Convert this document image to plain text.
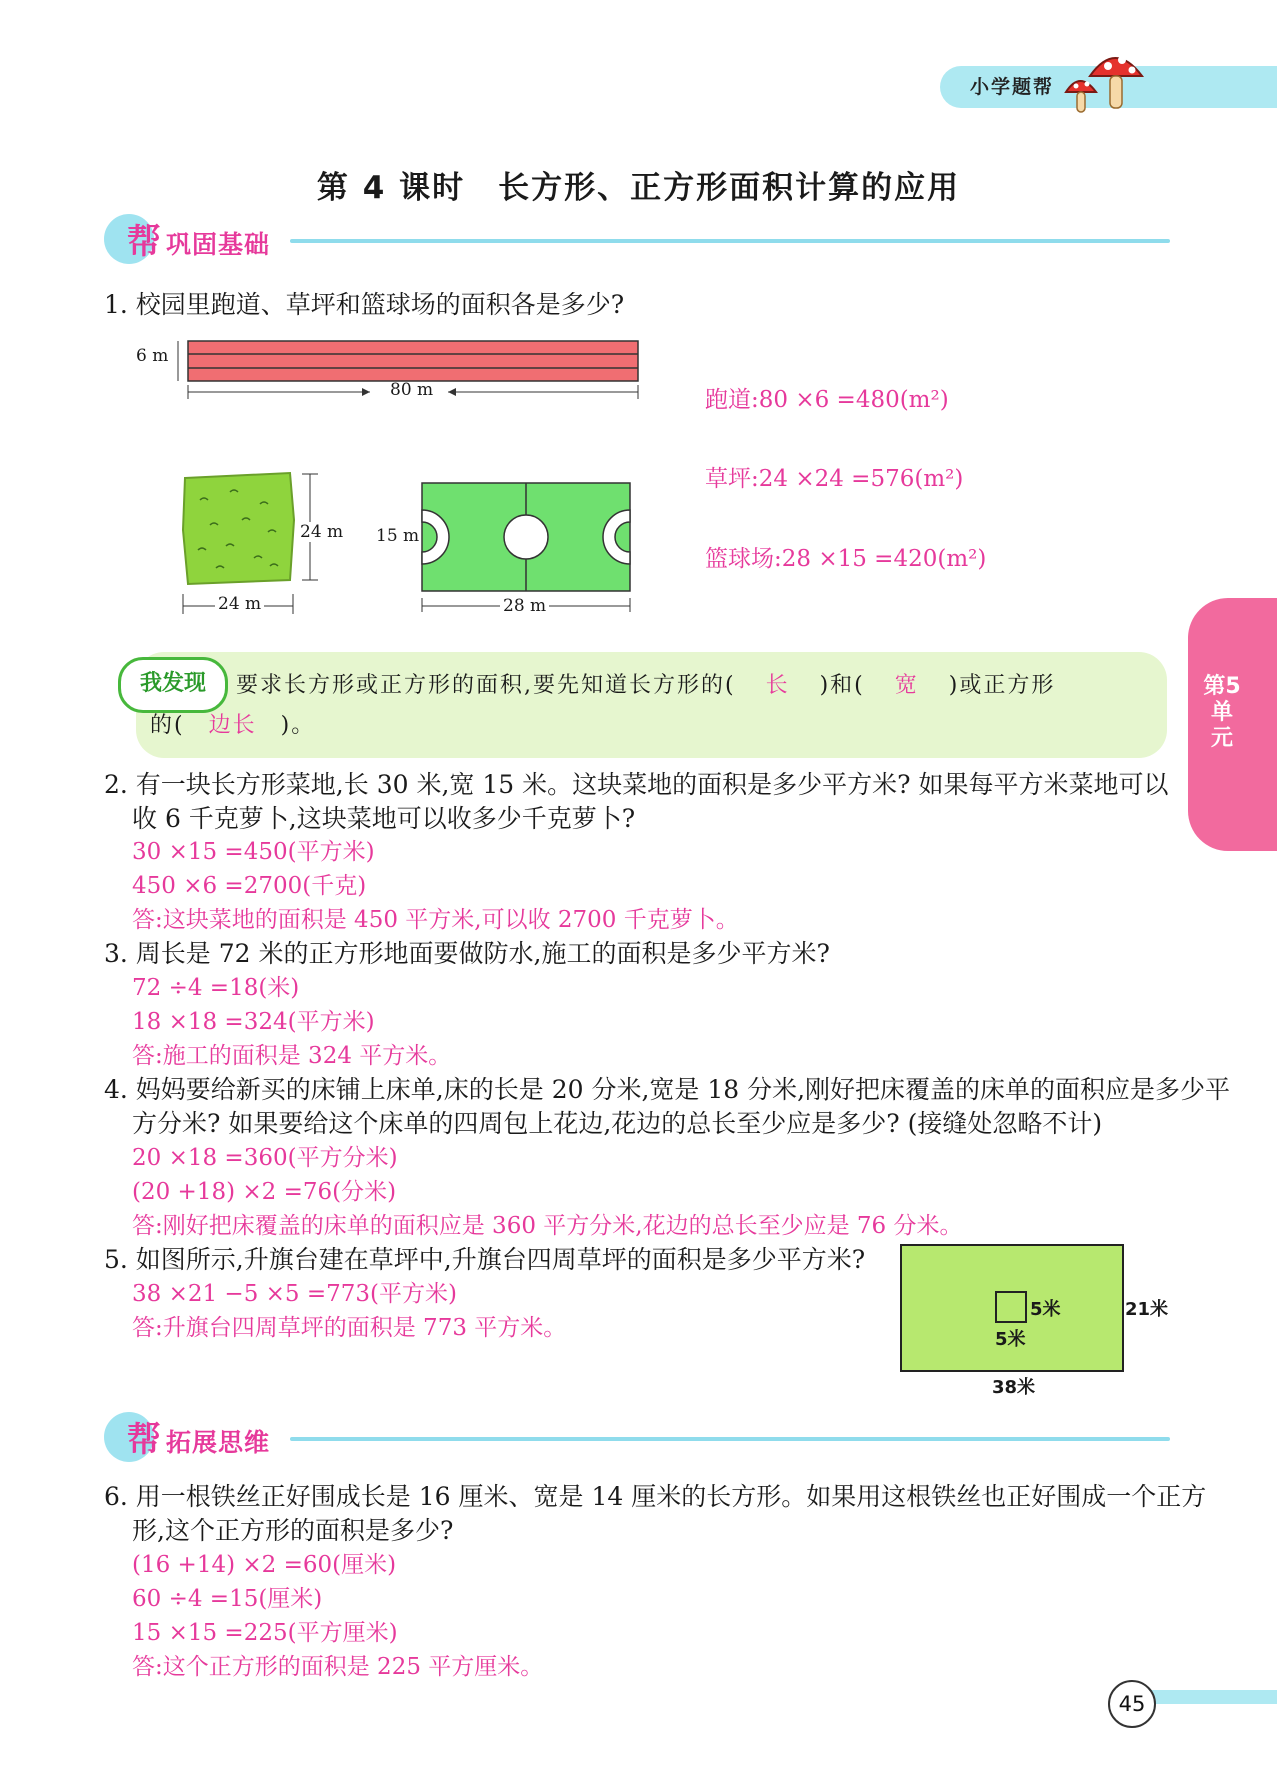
小学题帮
第 4 课时　长方形、正方形面积计算的应用
帮 巩固基础
第5单元
1. 校园里跑道、草坪和篮球场的面积各是多少?
6 m
80 m
24 m
24 m
15 m
28 m
跑道:80 ×6 =480(m²)
草坪:24 ×24 =576(m²)
篮球场:28 ×15 =420(m²)
我发现	要求长方形或正方形的面积,要先知道长方形的( 长 )和( 宽 )或正方形
的( 边长 )。
2. 有一块长方形菜地,长 30 米,宽 15 米。这块菜地的面积是多少平方米? 如果每平方米菜地可以
收 6 千克萝卜,这块菜地可以收多少千克萝卜?
30 ×15 =450(平方米)
450 ×6 =2700(千克)
答:这块菜地的面积是 450 平方米,可以收 2700 千克萝卜。
3. 周长是 72 米的正方形地面要做防水,施工的面积是多少平方米?
72 ÷4 =18(米)
18 ×18 =324(平方米)
答:施工的面积是 324 平方米。
4. 妈妈要给新买的床铺上床单,床的长是 20 分米,宽是 18 分米,刚好把床覆盖的床单的面积应是多少平
方分米? 如果要给这个床单的四周包上花边,花边的总长至少应是多少? (接缝处忽略不计)
20 ×18 =360(平方分米)
(20 +18) ×2 =76(分米)
答:刚好把床覆盖的床单的面积应是 360 平方分米,花边的总长至少应是 76 分米。
5. 如图所示,升旗台建在草坪中,升旗台四周草坪的面积是多少平方米?
38 ×21 −5 ×5 =773(平方米)
答:升旗台四周草坪的面积是 773 平方米。
5米
5米
21米
38米
帮 拓展思维
6. 用一根铁丝正好围成长是 16 厘米、宽是 14 厘米的长方形。如果用这根铁丝也正好围成一个正方
形,这个正方形的面积是多少?
(16 +14) ×2 =60(厘米)
60 ÷4 =15(厘米)
15 ×15 =225(平方厘米)
答:这个正方形的面积是 225 平方厘米。
45
